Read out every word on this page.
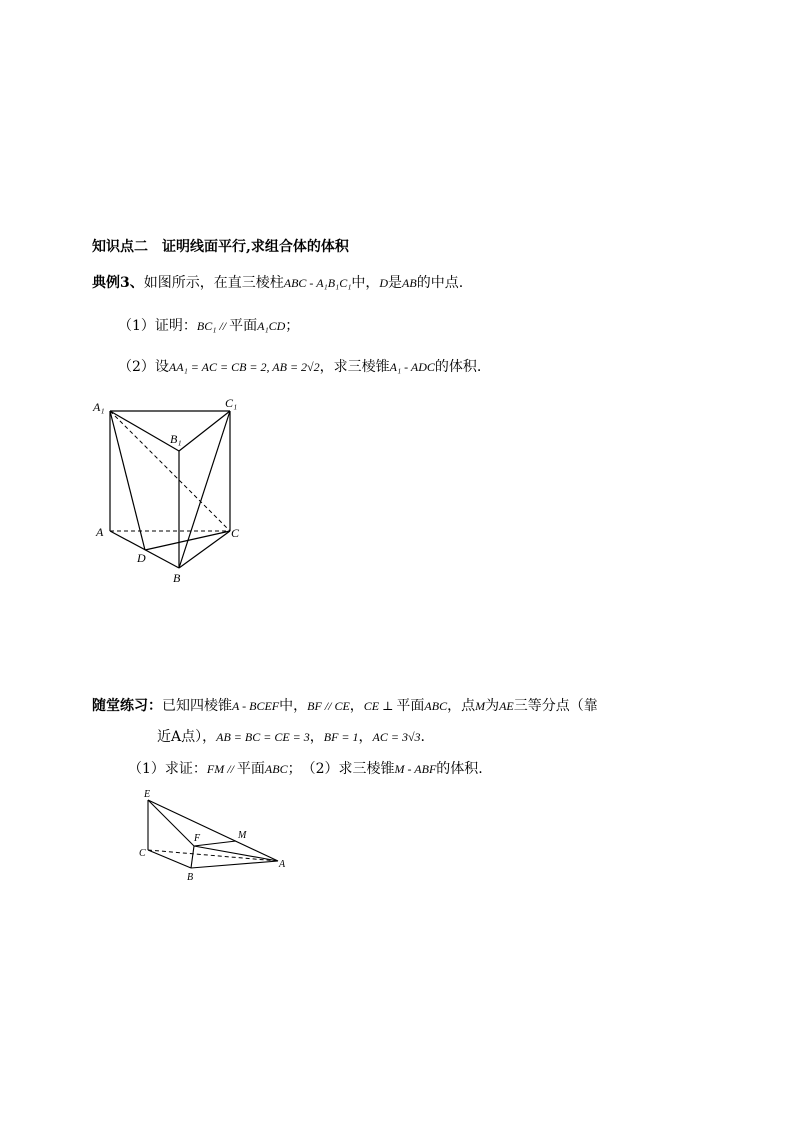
知识点二　证明线面平行,求组合体的体积
典例3、如图所示，在直三棱柱ABC - A₁B₁C₁中，D是AB的中点.
（1）证明：BC₁ // 平面A₁CD；
（2）设AA₁ = AC = CB = 2, AB = 2√2，求三棱锥A₁ - ADC的体积.
A₁	C₁
B₁
A	C
D
B
随堂练习：已知四棱锥A - BCEF中，BF // CE，CE ⊥ 平面ABC，点M为AE三等分点（靠
近A点），AB = BC = CE = 3，BF = 1，AC = 3√3.
（1）求证：FM // 平面ABC；　 （2）求三棱锥M - ABF的体积.
E
F	M
C
A
B
